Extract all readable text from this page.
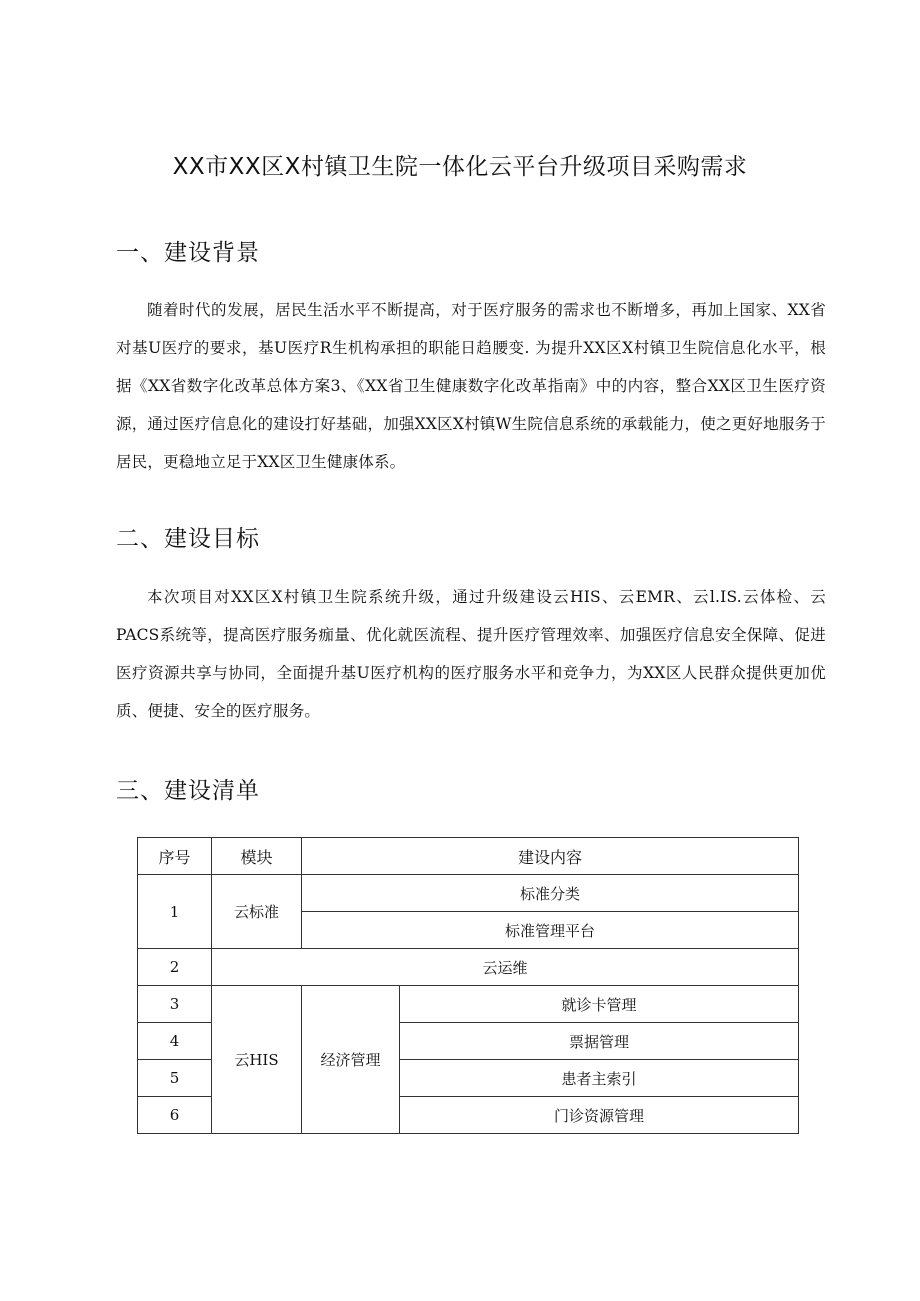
XX市XX区X村镇卫生院一体化云平台升级项目采购需求
一、建设背景

随着时代的发展，居民生活水平不断提高，对于医疗服务的需求也不断增多，再加上国家、XX省对基U医疗的要求，基U医疗R生机构承担的职能日趋腰变. 为提升XX区X村镇卫生院信息化水平，根据《XX省数字化改革总体方案3、《XX省卫生健康数字化改革指南》中的内容，整合XX区卫生医疗资源，通过医疗信息化的建设打好基础，加强XX区X村镇W生院信息系统的承载能力，使之更好地服务于居民，更稳地立足于XX区卫生健康体系。

二、建设目标

本次项目对XX区X村镇卫生院系统升级，通过升级建设云HIS、云EMR、云l.IS.云体检、云PACS系统等，提高医疗服务痂量、优化就医流程、提升医疗管理效率、加强医疗信息安全保障、促进医疗资源共享与协同，全面提升基U医疗机构的医疗服务水平和竞争力，为XX区人民群众提供更加优质、便捷、安全的医疗服务。

三、建设清单
序号	模块	建设内容	
1	云标准	标准分类	
		标准管理平台	
2	云运维		
3	云HIS	经济管理	就诊卡管理
4			票据管理
5			患者主索引
6			门诊资源管理
